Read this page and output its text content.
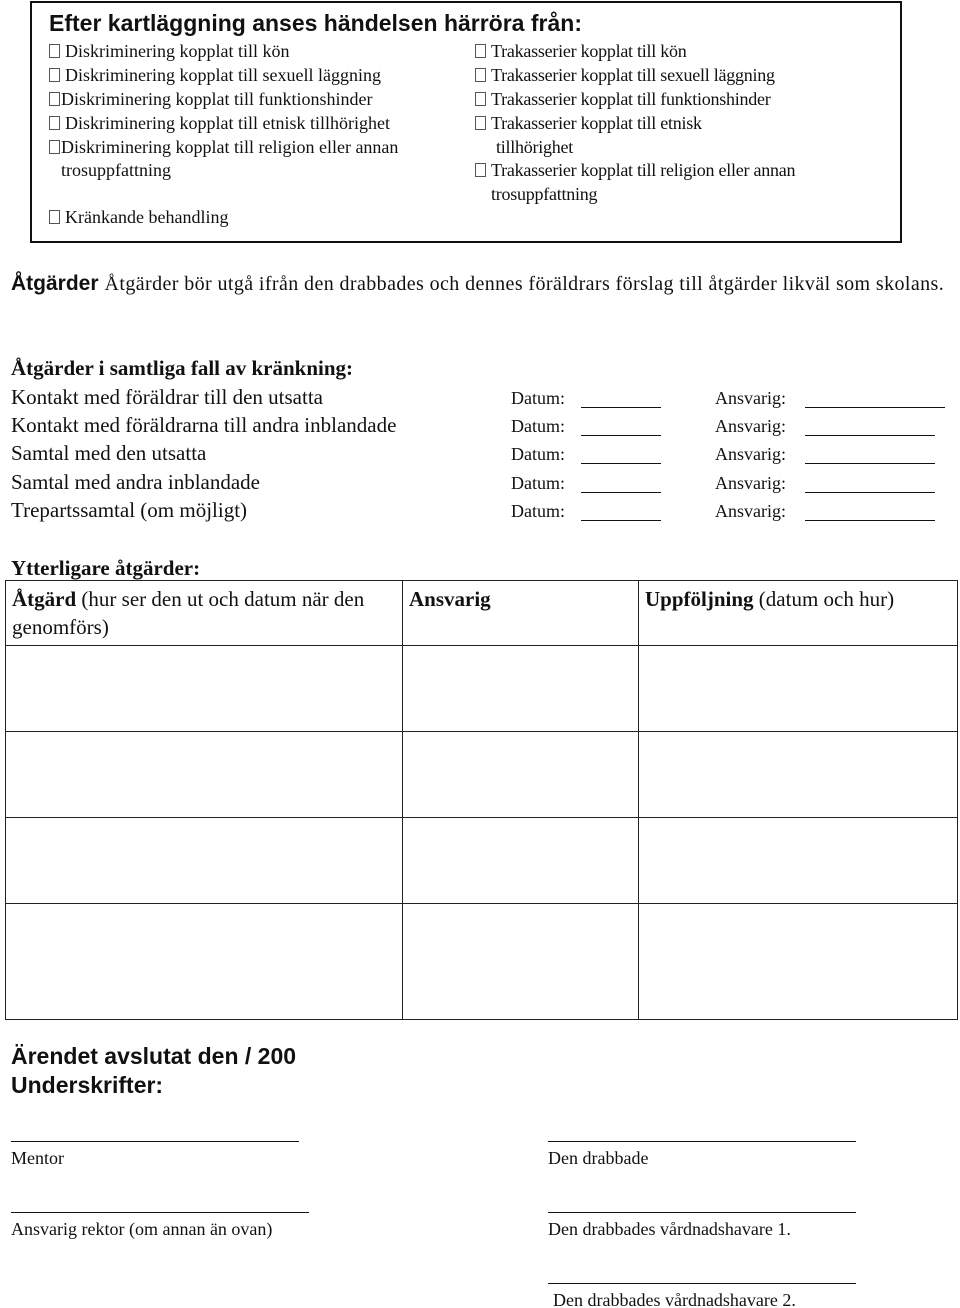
Efter kartläggning anses händelsen härröra från:
Diskriminering kopplat till kön
Diskriminering kopplat till sexuell läggning
Diskriminering kopplat till funktionshinder
Diskriminering kopplat till etnisk tillhörighet
Diskriminering kopplat till religion eller annan
trosuppfattning
Kränkande behandling
Trakasserier kopplat till kön
Trakasserier kopplat till sexuell läggning
Trakasserier kopplat till funktionshinder
Trakasserier kopplat till etnisk
tillhörighet
Trakasserier kopplat till religion eller annan
trosuppfattning
Åtgärder Åtgärder bör utgå ifrån den drabbades och dennes föräldrars förslag till åtgärder likväl som skolans.
Åtgärder i samtliga fall av kränkning:
Kontakt med föräldrar till den utsatta	Datum:	Ansvarig:
Kontakt med föräldrarna till andra inblandade	Datum:	Ansvarig:
Samtal med den utsatta	Datum:	Ansvarig:
Samtal med andra inblandade	Datum:	Ansvarig:
Trepartssamtal (om möjligt)	Datum:	Ansvarig:
Ytterligare åtgärder:
Åtgärd (hur ser den ut och datum när den genomförs)	Ansvarig	Uppföljning (datum och hur)

Ärendet avslutat den / 200
Underskrifter:
Mentor	Den drabbade
Ansvarig rektor (om annan än ovan)	Den drabbades vårdnadshavare 1.
Den drabbades vårdnadshavare 2.
